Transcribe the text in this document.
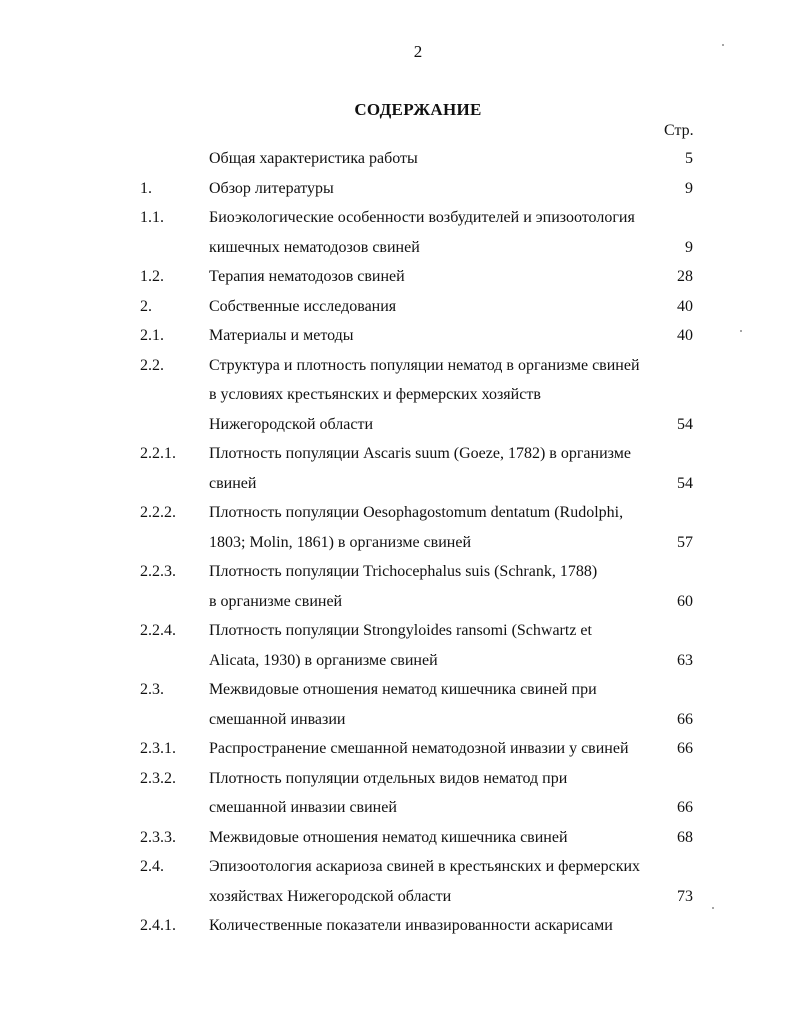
2
СОДЕРЖАНИЕ
Стр.
Общая характеристика работы	5
1.	Обзор литературы	9
1.1.	Биоэкологические особенности возбудителей и эпизоотология
кишечных нематодозов свиней	9
1.2.	Терапия нематодозов свиней	28
2.	Собственные исследования	40
2.1.	Материалы и методы	40
2.2.	Структура и плотность популяции нематод в организме свиней
в условиях крестьянских и фермерских хозяйств
Нижегородской области	54
2.2.1. Плотность популяции Ascaris suum (Goeze, 1782) в организме
свиней	54
2.2.2. Плотность популяции Oesophagostomum dentatum (Rudolphi,
1803; Molin, 1861) в организме свиней	57
2.2.3. Плотность популяции Trichocephalus suis (Schrank, 1788)
в организме свиней	60
2.2.4. Плотность популяции Strongyloides ransomi (Schwartz et
Alicata, 1930) в организме свиней	63
2.3.	Межвидовые отношения нематод кишечника свиней при
смешанной инвазии	66
2.3.1. Распространение смешанной нематодозной инвазии у свиней	66
2.3.2. Плотность популяции отдельных видов нематод при
смешанной инвазии свиней	66
2.3.3. Межвидовые отношения нематод кишечника свиней	68
2.4.	Эпизоотология аскариоза свиней в крестьянских и фермерских
хозяйствах Нижегородской области	73
2.4.1. Количественные показатели инвазированности аскарисами
